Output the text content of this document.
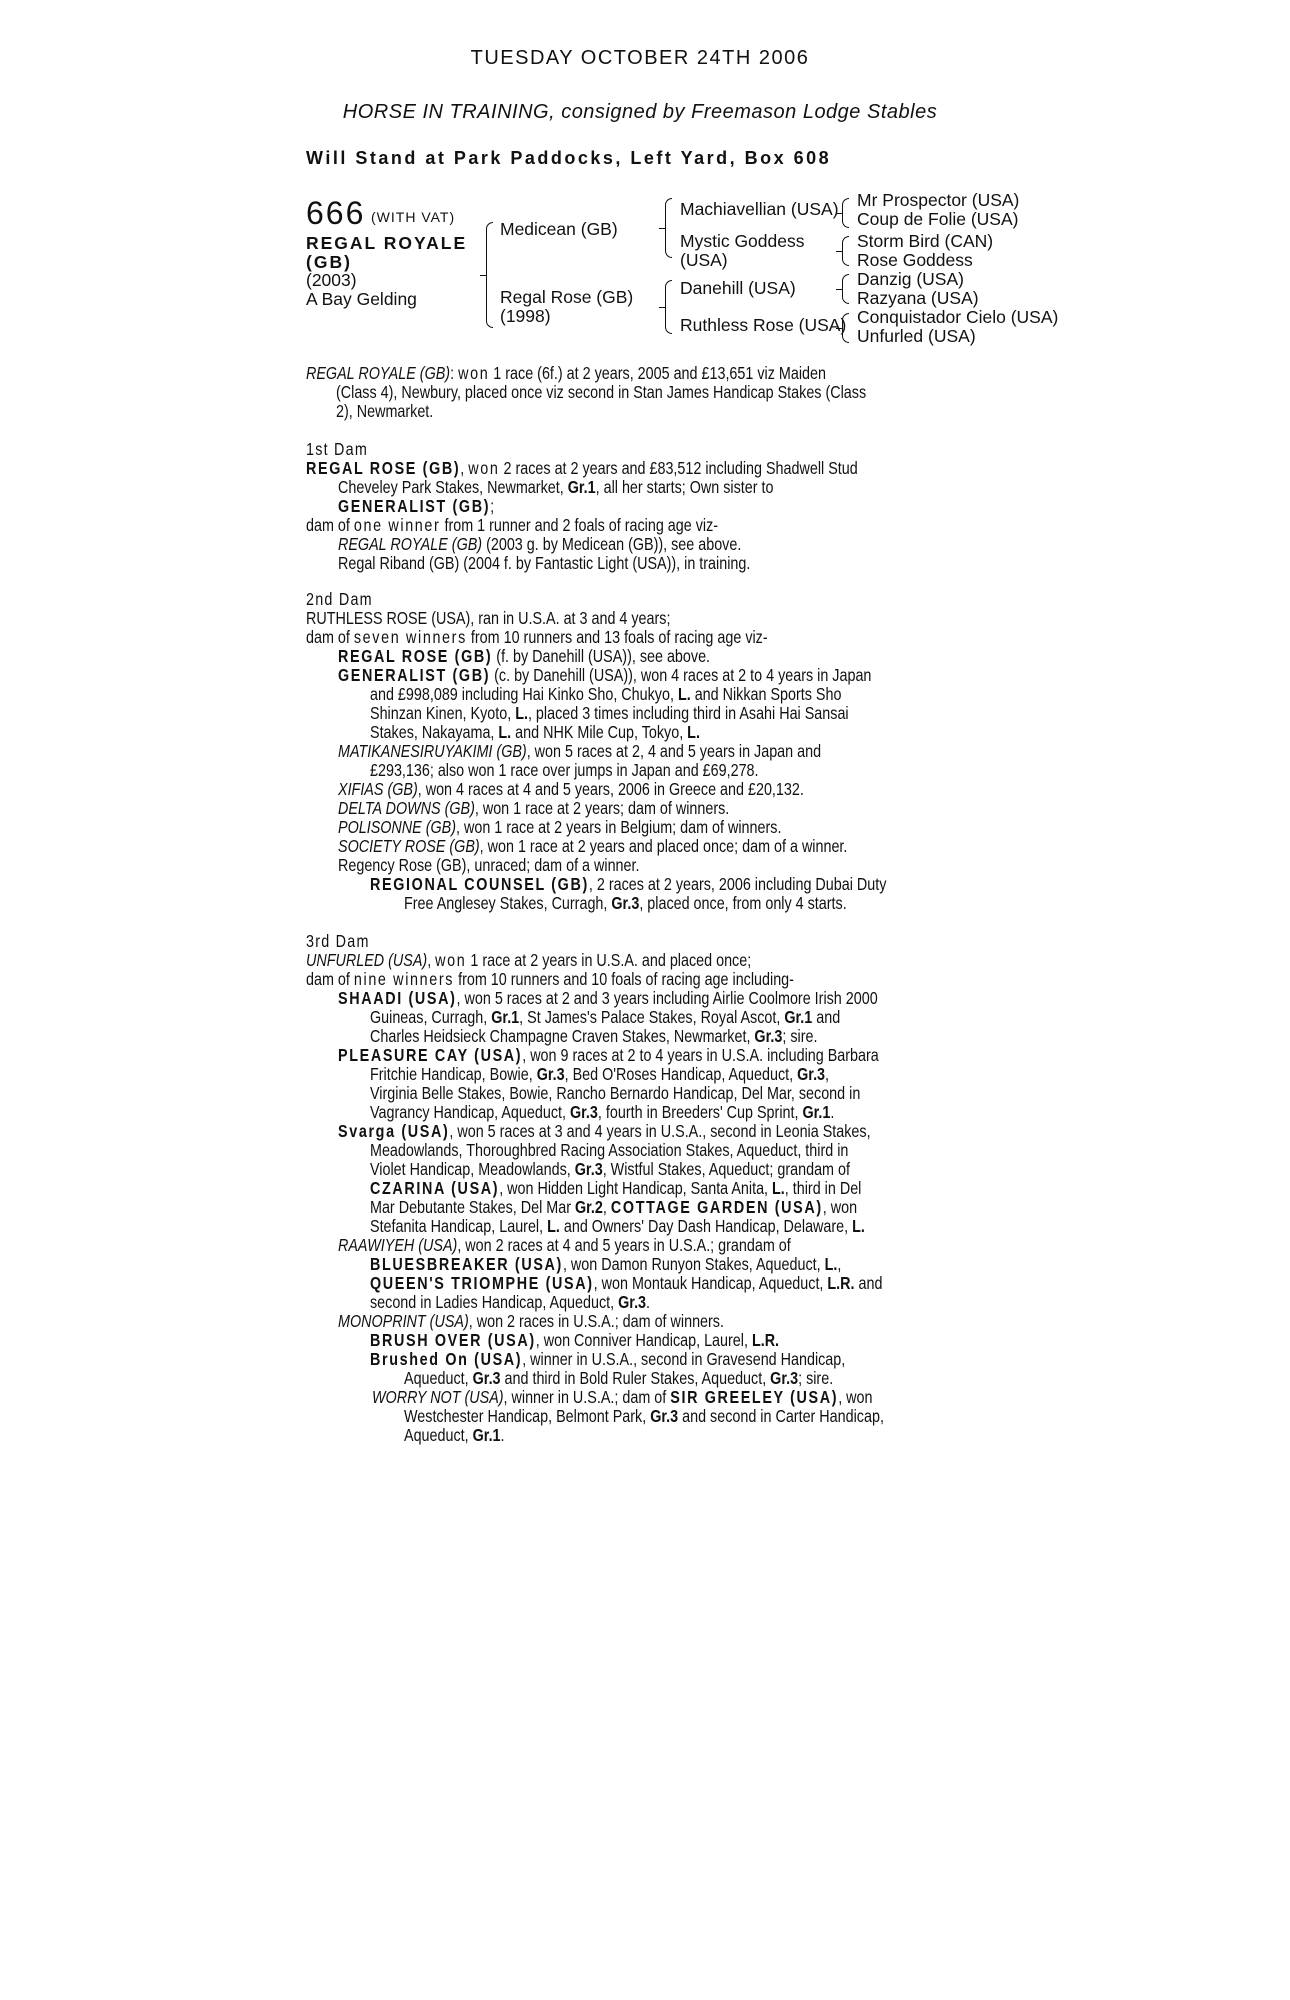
TUESDAY OCTOBER 24TH 2006
HORSE IN TRAINING, consigned by Freemason Lodge Stables
Will Stand at Park Paddocks, Left Yard, Box 608
666 (WITH VAT)
REGAL ROYALE
(GB)
(2003)
A Bay Gelding
Medicean (GB)
Regal Rose (GB)
(1998)
Machiavellian (USA)
Mystic Goddess
(USA)
Danehill (USA)
Ruthless Rose (USA)
Mr Prospector (USA)
Coup de Folie (USA)
Storm Bird (CAN)
Rose Goddess
Danzig (USA)
Razyana (USA)
Conquistador Cielo (USA)
Unfurled (USA)
REGAL ROYALE (GB): won 1 race (6f.) at 2 years, 2005 and £13,651 viz Maiden
(Class 4), Newbury, placed once viz second in Stan James Handicap Stakes (Class
2), Newmarket.
1st Dam
REGAL ROSE (GB), won 2 races at 2 years and £83,512 including Shadwell Stud
Cheveley Park Stakes, Newmarket, Gr.1, all her starts; Own sister to
GENERALIST (GB);
dam of one winner from 1 runner and 2 foals of racing age viz-
REGAL ROYALE (GB) (2003 g. by Medicean (GB)), see above.
Regal Riband (GB) (2004 f. by Fantastic Light (USA)), in training.
2nd Dam
RUTHLESS ROSE (USA), ran in U.S.A. at 3 and 4 years;
dam of seven winners from 10 runners and 13 foals of racing age viz-
REGAL ROSE (GB) (f. by Danehill (USA)), see above.
GENERALIST (GB) (c. by Danehill (USA)), won 4 races at 2 to 4 years in Japan
and £998,089 including Hai Kinko Sho, Chukyo, L. and Nikkan Sports Sho
Shinzan Kinen, Kyoto, L., placed 3 times including third in Asahi Hai Sansai
Stakes, Nakayama, L. and NHK Mile Cup, Tokyo, L.
MATIKANESIRUYAKIMI (GB), won 5 races at 2, 4 and 5 years in Japan and
£293,136; also won 1 race over jumps in Japan and £69,278.
XIFIAS (GB), won 4 races at 4 and 5 years, 2006 in Greece and £20,132.
DELTA DOWNS (GB), won 1 race at 2 years; dam of winners.
POLISONNE (GB), won 1 race at 2 years in Belgium; dam of winners.
SOCIETY ROSE (GB), won 1 race at 2 years and placed once; dam of a winner.
Regency Rose (GB), unraced; dam of a winner.
REGIONAL COUNSEL (GB), 2 races at 2 years, 2006 including Dubai Duty
Free Anglesey Stakes, Curragh, Gr.3, placed once, from only 4 starts.
3rd Dam
UNFURLED (USA), won 1 race at 2 years in U.S.A. and placed once;
dam of nine winners from 10 runners and 10 foals of racing age including-
SHAADI (USA), won 5 races at 2 and 3 years including Airlie Coolmore Irish 2000
Guineas, Curragh, Gr.1, St James's Palace Stakes, Royal Ascot, Gr.1 and
Charles Heidsieck Champagne Craven Stakes, Newmarket, Gr.3; sire.
PLEASURE CAY (USA), won 9 races at 2 to 4 years in U.S.A. including Barbara
Fritchie Handicap, Bowie, Gr.3, Bed O'Roses Handicap, Aqueduct, Gr.3,
Virginia Belle Stakes, Bowie, Rancho Bernardo Handicap, Del Mar, second in
Vagrancy Handicap, Aqueduct, Gr.3, fourth in Breeders' Cup Sprint, Gr.1.
Svarga (USA), won 5 races at 3 and 4 years in U.S.A., second in Leonia Stakes,
Meadowlands, Thoroughbred Racing Association Stakes, Aqueduct, third in
Violet Handicap, Meadowlands, Gr.3, Wistful Stakes, Aqueduct; grandam of
CZARINA (USA), won Hidden Light Handicap, Santa Anita, L., third in Del
Mar Debutante Stakes, Del Mar Gr.2, COTTAGE GARDEN (USA), won
Stefanita Handicap, Laurel, L. and Owners' Day Dash Handicap, Delaware, L.
RAAWIYEH (USA), won 2 races at 4 and 5 years in U.S.A.; grandam of
BLUESBREAKER (USA), won Damon Runyon Stakes, Aqueduct, L.,
QUEEN'S TRIOMPHE (USA), won Montauk Handicap, Aqueduct, L.R. and
second in Ladies Handicap, Aqueduct, Gr.3.
MONOPRINT (USA), won 2 races in U.S.A.; dam of winners.
BRUSH OVER (USA), won Conniver Handicap, Laurel, L.R.
Brushed On (USA), winner in U.S.A., second in Gravesend Handicap,
Aqueduct, Gr.3 and third in Bold Ruler Stakes, Aqueduct, Gr.3; sire.
WORRY NOT (USA), winner in U.S.A.; dam of SIR GREELEY (USA), won
Westchester Handicap, Belmont Park, Gr.3 and second in Carter Handicap,
Aqueduct, Gr.1.
